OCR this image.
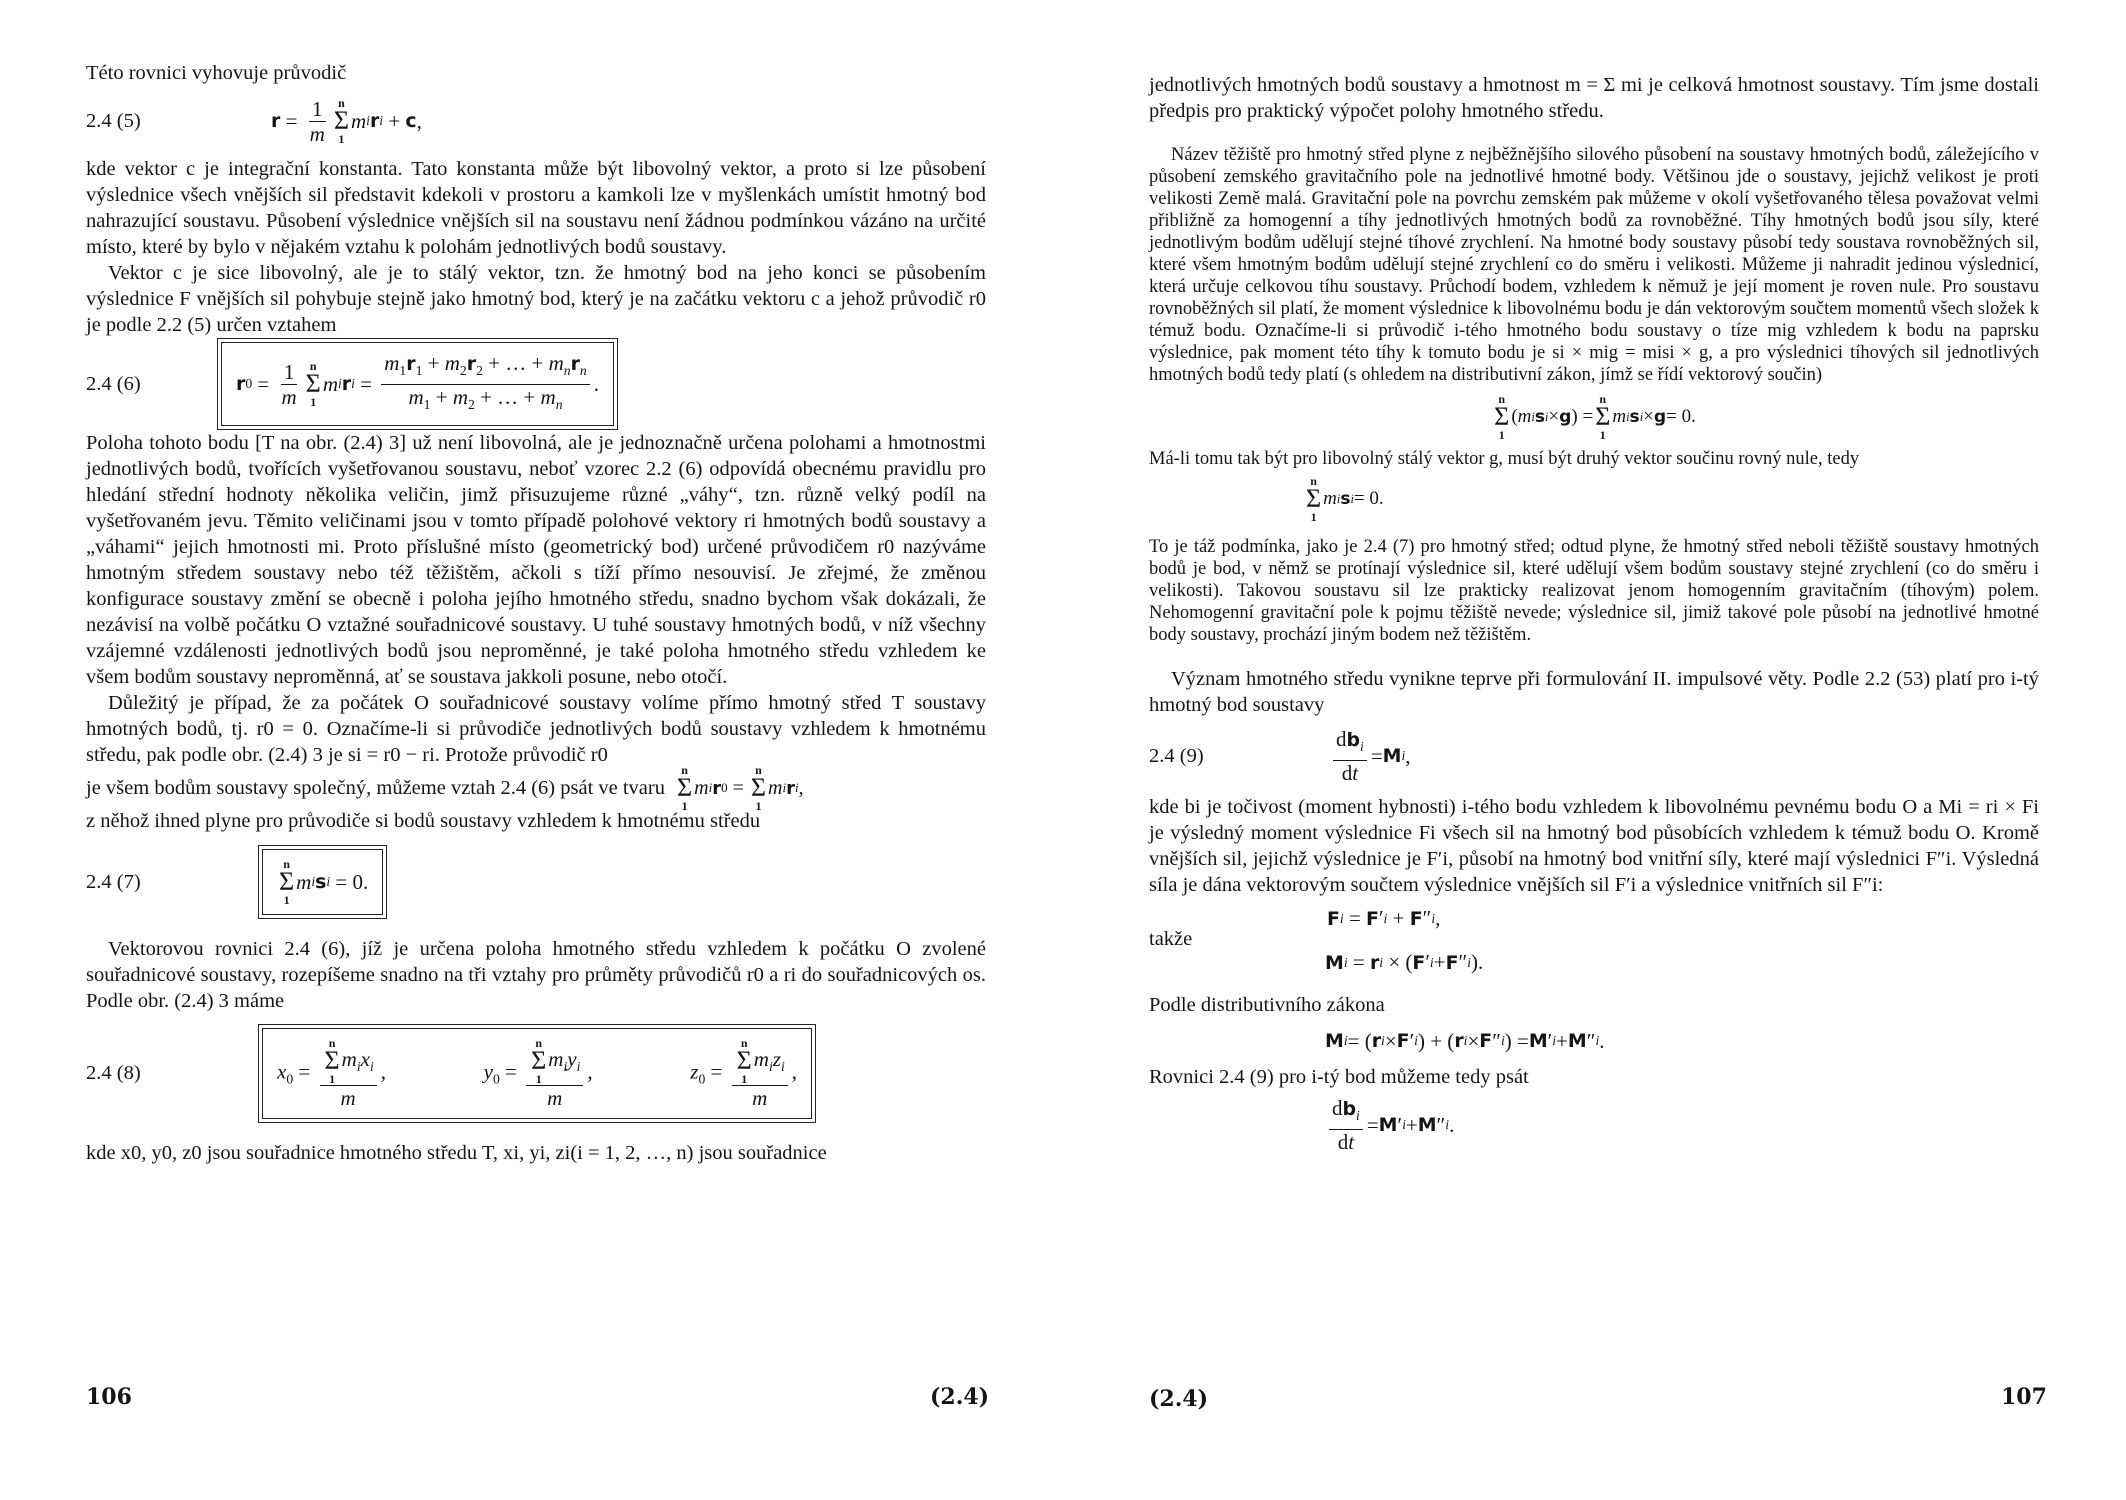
Této rovnici vyhovuje průvodič

2.4 (5)	$r = \frac{1}{m}$ n
Σ
1
m i r i + c ,

kde vektor c je integrační konstanta. Tato konstanta může být libovolný vektor, a proto si lze působení výslednice všech vnějších sil představit kdekoli v prostoru a kamkoli lze v myšlenkách umístit hmotný bod nahrazující soustavu. Působení výslednice vnějších sil na soustavu není žádnou podmínkou vázáno na určité místo, které by bylo v nějakém vztahu k polohám jednotlivých bodů soustavy.

Vektor c je sice libovolný, ale je to stálý vektor, tzn. že hmotný bod na jeho konci se působením výslednice F vnějších sil pohybuje stejně jako hmotný bod, který je na začátku vektoru c a jehož průvodič r0 je podle 2.2 (5) určen vztahem

2.4 (6)	r $0 = \frac{1}{m}$ n
Σ
1
m i r $i = \frac{m_1r_1 + m_2r_2 + \dots + m_nr_n}{m_1 + m_2 + \dots + m_n}$ .

Poloha tohoto bodu [T na obr. (2.4) 3] už není libovolná, ale je jednoznačně určena polohami a hmotnostmi jednotlivých bodů, tvořících vyšetřovanou soustavu, neboť vzorec 2.2 (6) odpovídá obecnému pravidlu pro hledání střední hodnoty několika veličin, jimž přisuzujeme různé „váhy“, tzn. různě velký podíl na vyšetřovaném jevu. Těmito veličinami jsou v tomto případě polohové vektory ri hmotných bodů soustavy a „váhami“ jejich hmotnosti mi. Proto příslušné místo (geometrický bod) určené průvodičem r0 nazýváme hmotným středem soustavy nebo též těžištěm, ačkoli s tíží přímo nesouvisí. Je zřejmé, že změnou konfigurace soustavy změní se obecně i poloha jejího hmotného středu, snadno bychom však dokázali, že nezávisí na volbě počátku O vztažné souřadnicové soustavy. U tuhé soustavy hmotných bodů, v níž všechny vzájemné vzdálenosti jednotlivých bodů jsou neproměnné, je také poloha hmotného středu vzhledem ke všem bodům soustavy neproměnná, ať se soustava jakkoli posune, nebo otočí.

Důležitý je případ, že za počátek O souřadnicové soustavy volíme přímo hmotný střed T soustavy hmotných bodů, tj. r0 = 0. Označíme-li si průvodiče jednotlivých bodů soustavy vzhledem k hmotnému středu, pak podle obr. (2.4) 3 je si = r0 − ri. Protože průvodič r0

je všem bodům soustavy společný, můžeme vztah 2.4 (6) psát ve tvaru

n
Σ
1
m i r 0 =
n
Σ
1
m i r i ,

z něhož ihned plyne pro průvodiče si bodů soustavy vzhledem k hmotnému středu

2.4 (7)
n
Σ
1
m i s i = 0.

Vektorovou rovnici 2.4 (6), jíž je určena poloha hmotného středu vzhledem k počátku O zvolené souřadnicové soustavy, rozepíšeme snadno na tři vztahy pro průměty průvodičů r0 a ri do souřadnicových os. Podle obr. (2.4) 3 máme

2.4 (8)	$x_0 = n$
Σ
1
$m_ix_i$
m ,	$y_0 = n$
Σ
1
$m_iy_i$
m ,	$z_0 = n$
Σ
1
$m_iz_i$
m ,

kde x0, y0, z0 jsou souřadnice hmotného středu T, xi, yi, zi(i = 1, 2, …, n) jsou souřadnice

106	(2.4)

jednotlivých hmotných bodů soustavy a hmotnost m = Σ mi je celková hmotnost soustavy. Tím jsme dostali předpis pro praktický výpočet polohy hmotného středu.

Název těžiště pro hmotný střed plyne z nejběžnějšího silového působení na soustavy hmotných bodů, záležejícího v působení zemského gravitačního pole na jednotlivé hmotné body. Většinou jde o soustavy, jejichž velikost je proti velikosti Země malá. Gravitační pole na povrchu zemském pak můžeme v okolí vyšetřovaného tělesa považovat velmi přibližně za homogenní a tíhy jednotlivých hmotných bodů za rovnoběžné. Tíhy hmotných bodů jsou síly, které jednotlivým bodům udělují stejné tíhové zrychlení. Na hmotné body soustavy působí tedy soustava rovnoběžných sil, které všem hmotným bodům udělují stejné zrychlení co do směru i velikosti. Můžeme ji nahradit jedinou výslednicí, která určuje celkovou tíhu soustavy. Průchodí bodem, vzhledem k němuž je její moment je roven nule. Pro soustavu rovnoběžných sil platí, že moment výslednice k libovolnému bodu je dán vektorovým součtem momentů všech složek k témuž bodu. Označíme-li si průvodič i-tého hmotného bodu soustavy o tíze mig vzhledem k bodu na paprsku výslednice, pak moment této tíhy k tomuto bodu je si × mig = misi × g, a pro výslednici tíhových sil jednotlivých hmotných bodů tedy platí (s ohledem na distributivní zákon, jímž se řídí vektorový součin)

n
Σ
1
( m i s i × g ) =
n
Σ
1
m i s i × g = 0.

Má-li tomu tak být pro libovolný stálý vektor g, musí být druhý vektor součinu rovný nule, tedy

n
Σ
1
m i s i = 0.

To je táž podmínka, jako je 2.4 (7) pro hmotný střed; odtud plyne, že hmotný střed neboli těžiště soustavy hmotných bodů je bod, v němž se protínají výslednice sil, které udělují všem bodům soustavy stejné zrychlení (co do směru i velikosti). Takovou soustavu sil lze prakticky realizovat jenom homogenním gravitačním (tíhovým) polem. Nehomogenní gravitační pole k pojmu těžiště nevede; výslednice sil, jimiž takové pole působí na jednotlivé hmotné body soustavy, prochází jiným bodem než těžištěm.

Význam hmotného středu vynikne teprve při formulování II. impulsové věty. Podle 2.2 (53) platí pro i-tý hmotný bod soustavy

2.4 (9)	$\frac{db_i}{dt} = M$ i ,

kde bi je točivost (moment hybnosti) i-tého bodu vzhledem k libovolnému pevnému bodu O a Mi = ri × Fi je výsledný moment výslednice Fi všech sil na hmotný bod působících vzhledem k témuž bodu O. Kromě vnějších sil, jejichž výslednice je F′i, působí na hmotný bod vnitřní síly, které mají výslednici F″i. Výsledná síla je dána vektorovým součtem výslednice vnějších sil F′i a výslednice vnitřních sil F″i:

F i = F ′ i + F ″ i ,
takže
M i = r i × ( F ′ i + F ″ i ).

Podle distributivního zákona

M i = ( r i × F ′ i ) + ( r i × F ″ i ) = M ′ i + M ″ i .

Rovnici 2.4 (9) pro i-tý bod můžeme tedy psát

$\frac{db_i}{dt} = M$ ′ i + M ″ i .
(2.4)	107
